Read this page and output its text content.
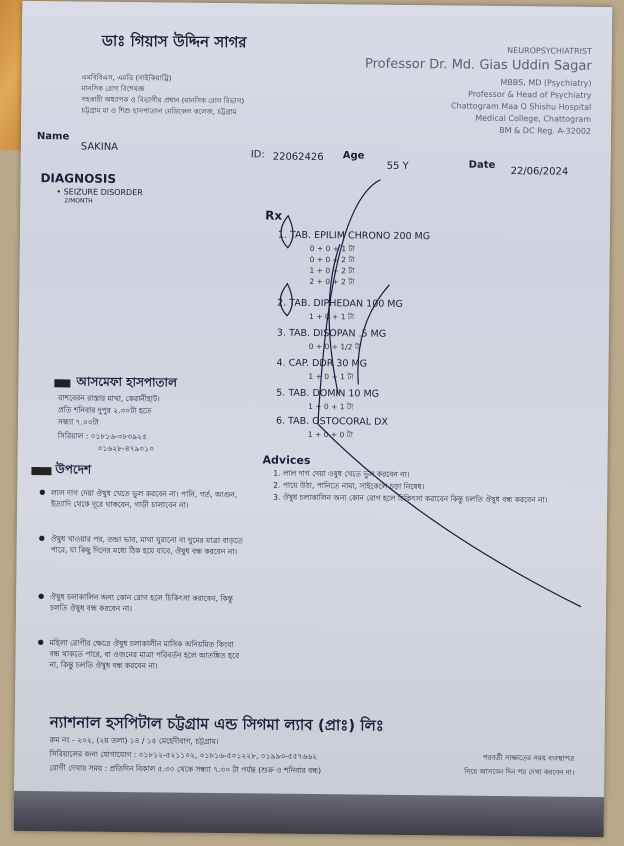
ডাঃ গিয়াস উদ্দিন সাগর
এমবিবিএস, এমডি (সাইকিয়াট্রি)
মানসিক রোগ বিশেষজ্ঞ
সহকারী অধ্যাপক ও বিভাগীয় প্রধান (মানসিক রোগ বিভাগ)
চট্টগ্রাম মা ও শিশু হাসপাতাল মেডিকেল কলেজ, চট্টগ্রাম
NEUROPSYCHIATRIST
Professor Dr. Md. Gias Uddin Sagar
MBBS, MD (Psychiatry)
Professor & Head of Psychiatry
Chattogram Maa O Shishu Hospital
Medical College, Chattogram
BM & DC Reg. A-32002
Name
SAKINA
ID: 22062426 Age
55 Y	Date
22/06/2024
DIAGNOSIS
• SEIZURE DISORDER
2/MONTH
Rx
1. TAB. EPILIM CHRONO 200 MG
0 + 0 + 1 টা
0 + 0 + 2 টা
1 + 0 + 2 টা
2 + 0 + 2 টা
2. TAB. DIPHEDAN 100 MG
1 + 0 + 1 টা
3. TAB. DISOPAN .5 MG
0 + 0 + 1/2 টা
4. CAP. DDR 30 MG
1 + 0 + 1 টা
5. TAB. DOMIN 10 MG
1 + 0 + 1 টা
6. TAB. OSTOCORAL DX
1 + 0 + 0 টা
Advices
1. লাল দাগ দেয়া ওষুধ খেতে ভুল করবেন না।
2. পায়ে উঠা, পানিতে নামা, সাইকেলে চড়া নিষেধ।
3. ঔষুধ চলাকালিন অন্য কোন রোগ হলে চিকিৎসা করাবেন কিন্তু চলতি ঔষুধ বন্ধ করবেন না।
আসমেফা হাসপাতাল
বাশবেরন রাস্তার মাথা, কেরানীহাট।
প্রতি শনিবার দুপুর ২.৩০টা হতে
সন্ধ্যা ৭.০০টা
সিরিয়াল : ০১৮১৬-০৮৩৯২৫
০১৬২৮-৪৭৯০১০
উপদেশ
● লাল দাগ দেয়া ঔষুধ খেতে ভুল করবেন না। পানি, গর্ত, আগুন, ইত্যাদি থেকে দূরে থাকবেন, গাড়ী চালাবেন না।
● ঔষুধ খাওয়ার পর, তন্দ্রা ভাব, মাথা ঘুরানো বা ঘুমের মাত্রা বাড়তে পারে, যা কিছু দিনের মধ্যে ঠিক হয়ে যাবে, ঔষুধ বন্ধ করবেন না।
● ঔষুধ চলাকালিন অন্য কোন রোগ হলে চিকিৎসা করাবেন, কিন্তু চলতি ঔষুধ বন্ধ করবেন না।
● মহিলা রোগীর ক্ষেত্রে ঔষুধ চলাকালীন মাসিক অনিয়মিত কিংবা বন্ধ থাকতে পারে, বা ওজনের মাত্রা পরিবর্তন হলে আতঙ্কিত হবে না, কিন্তু চলতি ঔষুধ বন্ধ করবেন না।
ন্যাশনাল হসপিটাল চট্টগ্রাম এন্ড সিগমা ল্যাব (প্রাঃ) লিঃ
রুম নং - ২০২, (২য় তলা) ১৪ / ১৫ মেহেদীবাগ, চট্টগ্রাম।
সিরিয়ালের জন্য যোগাযোগ : ০১৮১২-৫২১১০২, ০১৮১৬-৫০১২২৮, ০১৯৯৩-৫৫৭৬৬২
রোগী দেখার সময় : প্রতিদিন বিকাল ৫.৩০ থেকে সন্ধ্যা ৭.৩০ টা পর্যন্ত (শুক্র ও শনিবার বন্ধ)
পরবর্তী সাক্ষাতের সময় ব্যবস্থাপত্র
নিয়ে আসবেন দিন পর দেখা করবেন না।
